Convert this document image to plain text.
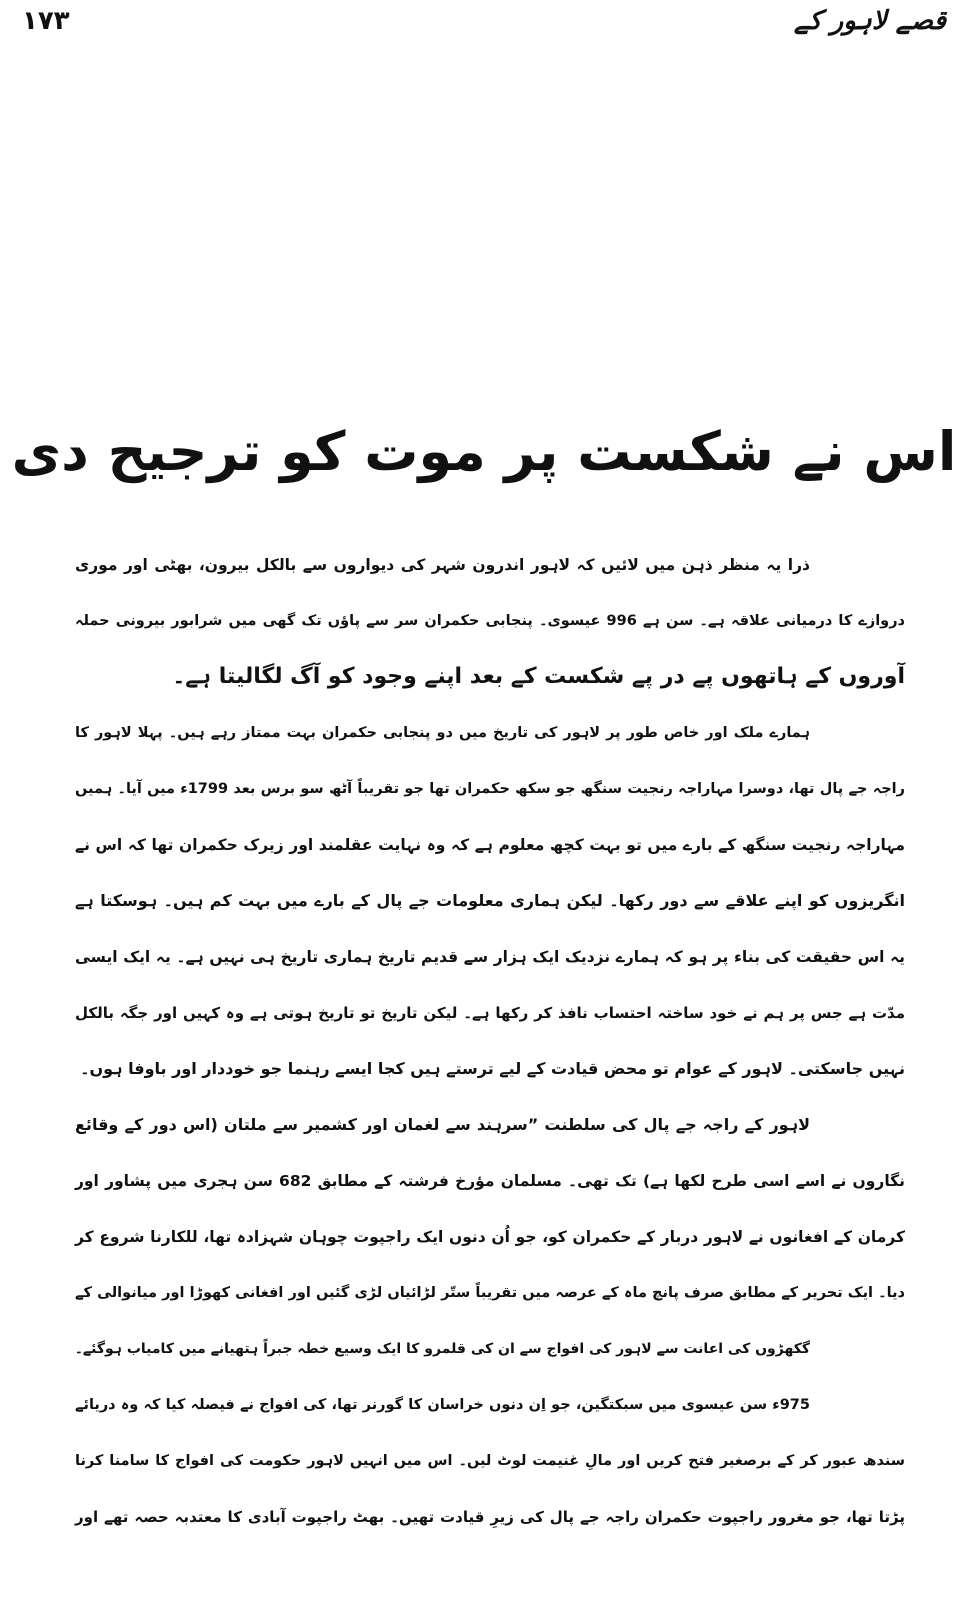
قصے لاہور کے
۱۷۳
اس نے شکست پر موت کو ترجیح دی
ذرا یہ منظر ذہن میں لائیں کہ لاہور اندرون شہر کی دیواروں سے بالکل بیرون، بھٹی اور موری
دروازے کا درمیانی علاقہ ہے۔ سن ہے 996 عیسوی۔ پنجابی حکمران سر سے پاؤں تک گھی میں شرابور بیرونی حملہ
آوروں کے ہاتھوں پے در پے شکست کے بعد اپنے وجود کو آگ لگالیتا ہے۔
ہمارے ملک اور خاص طور پر لاہور کی تاریخ میں دو پنجابی حکمران بہت ممتاز رہے ہیں۔ پہلا لاہور کا
راجہ جے پال تھا، دوسرا مہاراجہ رنجیت سنگھ جو سکھ حکمران تھا جو تقریباً آٹھ سو برس بعد 1799ء میں آیا۔ ہمیں
مہاراجہ رنجیت سنگھ کے بارے میں تو بہت کچھ معلوم ہے کہ وہ نہایت عقلمند اور زیرک حکمران تھا کہ اس نے
انگریزوں کو اپنے علاقے سے دور رکھا۔ لیکن ہماری معلومات جے پال کے بارے میں بہت کم ہیں۔ ہوسکتا ہے
یہ اس حقیقت کی بناء پر ہو کہ ہمارے نزدیک ایک ہزار سے قدیم تاریخ ہماری تاریخ ہی نہیں ہے۔ یہ ایک ایسی
مدّت ہے جس پر ہم نے خود ساختہ احتساب نافذ کر رکھا ہے۔ لیکن تاریخ تو تاریخ ہوتی ہے وہ کہیں اور جگہ بالکل
نہیں جاسکتی۔ لاہور کے عوام تو محض قیادت کے لیے ترستے ہیں کجا ایسے رہنما جو خوددار اور باوفا ہوں۔
لاہور کے راجہ جے پال کی سلطنت ”سرہند سے لغمان اور کشمیر سے ملتان (اس دور کے وقائع
نگاروں نے اسے اسی طرح لکھا ہے) تک تھی۔ مسلمان مؤرخ فرشتہ کے مطابق 682 سن ہجری میں پشاور اور
کرمان کے افغانوں نے لاہور دربار کے حکمران کو، جو اُن دنوں ایک راجپوت چوہان شہزادہ تھا، للکارنا شروع کر
دیا۔ ایک تحریر کے مطابق صرف پانچ ماہ کے عرصہ میں تقریباً ستّر لڑائیاں لڑی گئیں اور افغانی کھوڑا اور میانوالی کے
گکھڑوں کی اعانت سے لاہور کی افواج سے ان کی قلمرو کا ایک وسیع خطہ جبراً ہتھیانے میں کامیاب ہوگئے۔
975ء سن عیسوی میں سبکتگین، جو اِن دنوں خراسان کا گورنر تھا، کی افواج نے فیصلہ کیا کہ وہ دریائے
سندھ عبور کر کے برصغیر فتح کریں اور مالِ غنیمت لوٹ لیں۔ اس میں انہیں لاہور حکومت کی افواج کا سامنا کرنا
پڑتا تھا، جو مغرور راجپوت حکمران راجہ جے پال کی زیرِ قیادت تھیں۔ بھٹ راجپوت آبادی کا معتدبہ حصہ تھے اور
